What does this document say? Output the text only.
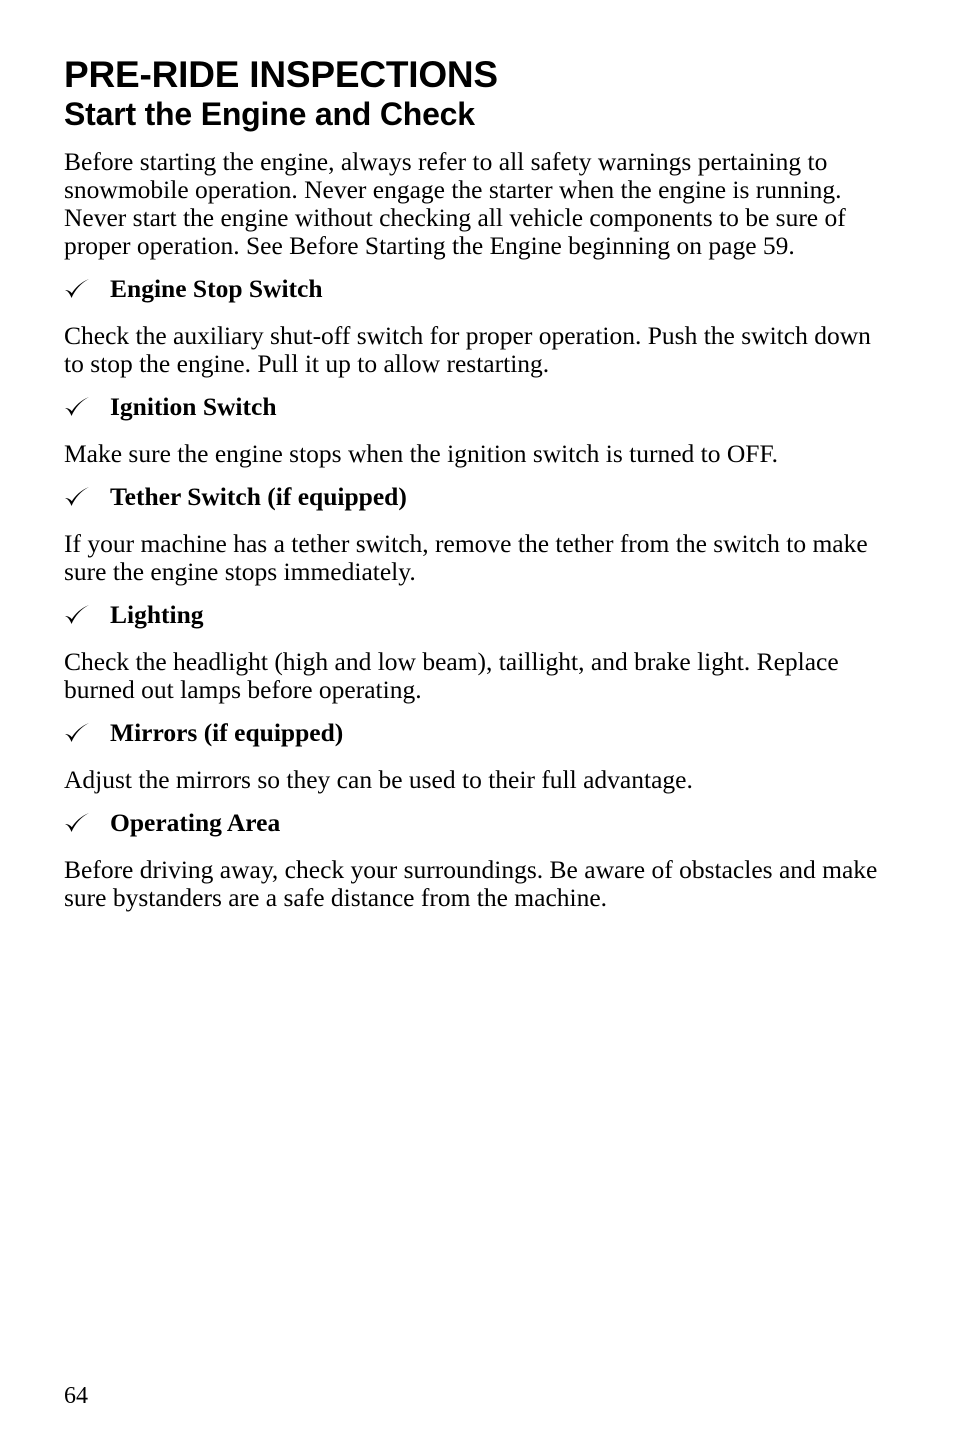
PRE-RIDE INSPECTIONS
Start the Engine and Check

Before starting the engine, always refer to all safety warnings pertaining to snowmobile operation. Never engage the starter when the engine is running. Never start the engine without checking all vehicle components to be sure of proper operation. See Before Starting the Engine beginning on page 59.

Engine Stop Switch

Check the auxiliary shut-off switch for proper operation. Push the switch down to stop the engine. Pull it up to allow restarting.

Ignition Switch

Make sure the engine stops when the ignition switch is turned to OFF.

Tether Switch (if equipped)

If your machine has a tether switch, remove the tether from the switch to make sure the engine stops immediately.

Lighting

Check the headlight (high and low beam), taillight, and brake light. Replace burned out lamps before operating.

Mirrors (if equipped)

Adjust the mirrors so they can be used to their full advantage.

Operating Area

Before driving away, check your surroundings. Be aware of obstacles and make sure bystanders are a safe distance from the machine.

64
